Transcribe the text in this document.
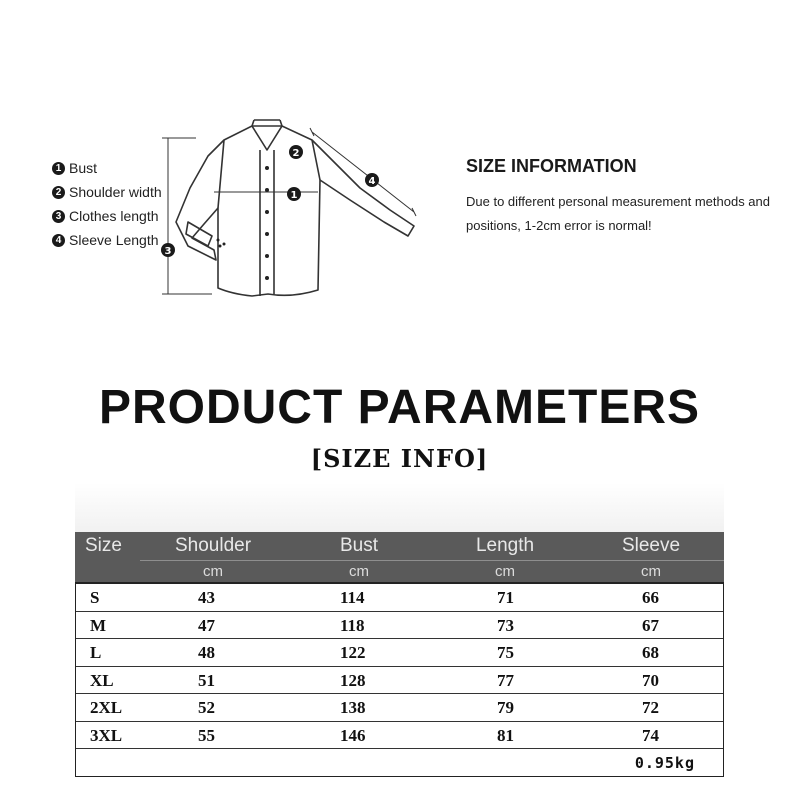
1 Bust
2 Shoulder width
3 Clothes length
4 Sleeve Length
3
1
2
4
SIZE INFORMATION
Due to different personal measurement methods and positions, 1-2cm error is normal!
PRODUCT PARAMETERS
[SIZE INFO]
Size	Shoulder	Bust	Length	Sleeve
cm	cm	cm	cm
S	43	114	71	66
M	47	118	73	67
L	48	122	75	68
XL	51	128	77	70
2XL	52	138	79	72
3XL	55	146	81	74
0.95kg
